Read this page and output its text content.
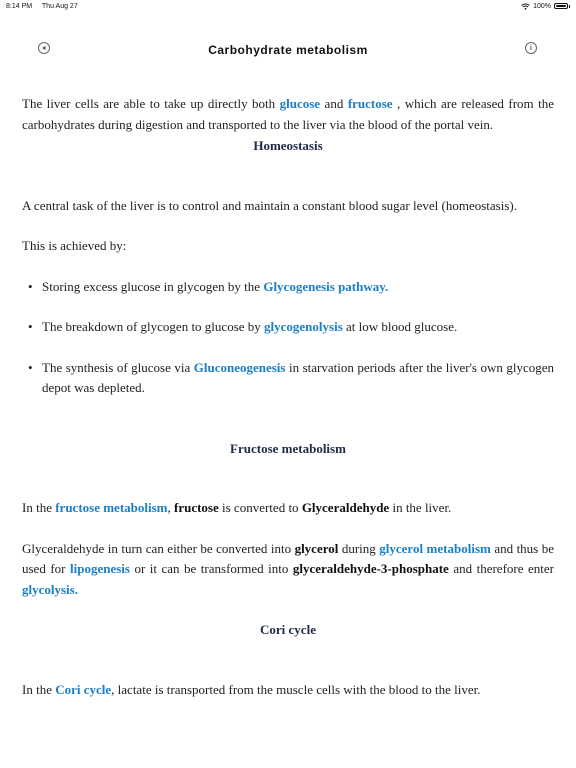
8:14 PM Thu Aug 27	100%
Carbohydrate metabolism	i

The liver cells are able to take up directly both glucose and fructose , which are released from the carbohydrates during digestion and transported to the liver via the blood of the portal vein.

Homeostasis

A central task of the liver is to control and maintain a constant blood sugar level (homeostasis).

This is achieved by:

• Storing excess glucose in glycogen by the Glycogenesis pathway.
• The breakdown of glycogen to glucose by glycogenolysis at low blood glucose.
• The synthesis of glucose via Gluconeogenesis in starvation periods after the liver's own glycogen depot was depleted.

Fructose metabolism

In the fructose metabolism, fructose is converted to Glyceraldehyde in the liver.

Glyceraldehyde in turn can either be converted into glycerol during glycerol metabolism and thus be used for lipogenesis or it can be transformed into glyceraldehyde-3-phosphate and therefore enter glycolysis.

Cori cycle

In the Cori cycle, lactate is transported from the muscle cells with the blood to the liver.
